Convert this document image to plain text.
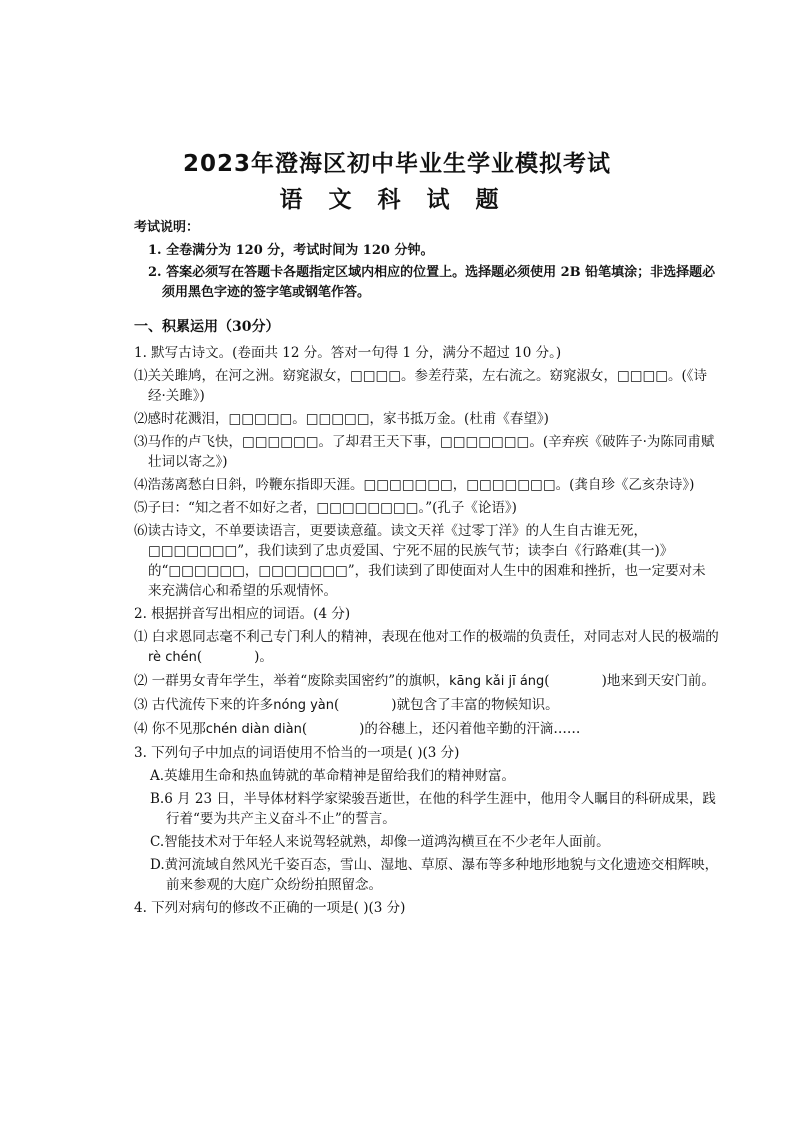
2023年澄海区初中毕业生学业模拟考试
语文科试题
考试说明：
1. 全卷满分为 120 分，考试时间为 120 分钟。
2. 答案必须写在答题卡各题指定区域内相应的位置上。选择题必须使用 2B 铅笔填涂；非选择题必须用黑色字迹的签字笔或钢笔作答。
一、积累运用（30分）
1. 默写古诗文。(卷面共 12 分。答对一句得 1 分，满分不超过 10 分。)
⑴关关雎鸠，在河之洲。窈窕淑女，□□□□。参差荇菜，左右流之。窈窕淑女，□□□□。(《诗经·关雎》)
⑵感时花溅泪，□□□□□。□□□□□，家书抵万金。(杜甫《春望》)
⑶马作的卢飞快，□□□□□□。了却君王天下事，□□□□□□□。(辛弃疾《破阵子·为陈同甫赋壮词以寄之》)
⑷浩荡离愁白日斜，吟鞭东指即天涯。□□□□□□□，□□□□□□□。(龚自珍《乙亥杂诗》)
⑸子曰：“知之者不如好之者，□□□□□□□□。”(孔子《论语》)
⑹读古诗文，不单要读语言，更要读意蕴。读文天祥《过零丁洋》的人生自古谁无死，□□□□□□□”，我们读到了忠贞爱国、宁死不屈的民族气节；读李白《行路难(其一)》的“□□□□□□，□□□□□□□”，我们读到了即使面对人生中的困难和挫折，也一定要对未来充满信心和希望的乐观情怀。
2. 根据拼音写出相应的词语。(4 分)
⑴ 白求恩同志毫不利己专门利人的精神，表现在他对工作的极端的负责任，对同志对人民的极端的rè chén(	)。
⑵ 一群男女青年学生，举着“废除卖国密约”的旗帜，kāng kǎi jī áng(	)地来到天安门前。
⑶ 古代流传下来的许多nóng yàn(	)就包含了丰富的物候知识。
⑷ 你不见那chén diàn diàn(	)的谷穗上，还闪着他辛勤的汗滴……
3. 下列句子中加点的词语使用不恰当的一项是( )(3 分)
A.英雄用生命和热血铸就的革命精神是留给我们的精神财富。
B.6 月 23 日，半导体材料学家梁骏吾逝世，在他的科学生涯中，他用令人瞩目的科研成果，践行着“要为共产主义奋斗不止”的誓言。
C.智能技术对于年轻人来说驾轻就熟，却像一道鸿沟横亘在不少老年人面前。
D.黄河流域自然风光千姿百态，雪山、湿地、草原、瀑布等多种地形地貌与文化遗迹交相辉映，前来参观的大庭广众纷纷拍照留念。
4. 下列对病句的修改不正确的一项是( )(3 分)
